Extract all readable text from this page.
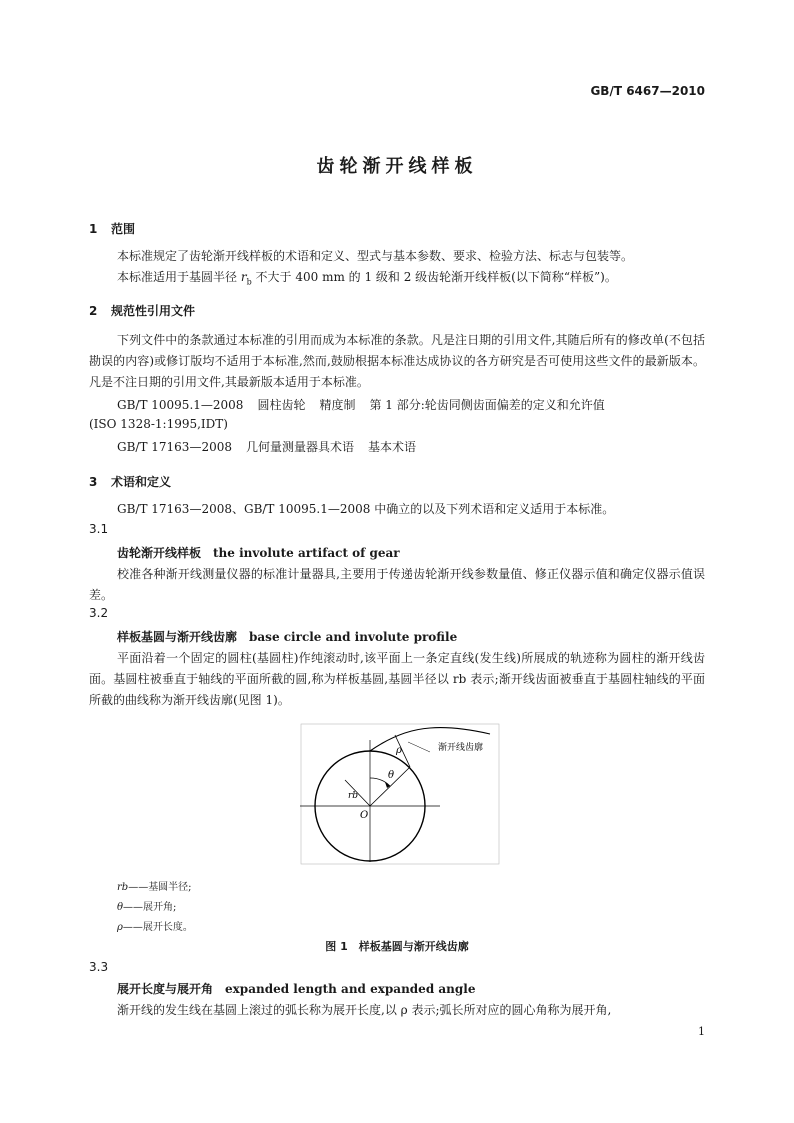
GB/T 6467—2010
齿轮渐开线样板
1 范围
本标准规定了齿轮渐开线样板的术语和定义、型式与基本参数、要求、检验方法、标志与包装等。
本标准适用于基圆半径 $r_b$ 不大于 400 mm 的 1 级和 2 级齿轮渐开线样板(以下简称“样板”)。
2 规范性引用文件
下列文件中的条款通过本标准的引用而成为本标准的条款。凡是注日期的引用文件,其随后所有的修改单(不包括勘误的内容)或修订版均不适用于本标准,然而,鼓励根据本标准达成协议的各方研究是否可使用这些文件的最新版本。凡是不注日期的引用文件,其最新版本适用于本标准。
GB/T 10095.1—2008 圆柱齿轮 精度制 第 1 部分:轮齿同侧齿面偏差的定义和允许值
(ISO 1328-1:1995,IDT)
GB/T 17163—2008 几何量测量器具术语 基本术语
3 术语和定义
GB/T 17163—2008、GB/T 10095.1—2008 中确立的以及下列术语和定义适用于本标准。
3.1
齿轮渐开线样板 the involute artifact of gear
校准各种渐开线测量仪器的标准计量器具,主要用于传递齿轮渐开线参数量值、修正仪器示值和确定仪器示值误差。
3.2
样板基圆与渐开线齿廓 base circle and involute profile
平面沿着一个固定的圆柱(基圆柱)作纯滚动时,该平面上一条定直线(发生线)所展成的轨迹称为圆柱的渐开线齿面。基圆柱被垂直于轴线的平面所截的圆,称为样板基圆,基圆半径以 rb 表示;渐开线齿面被垂直于基圆柱轴线的平面所截的曲线称为渐开线齿廓(见图 1)。
渐开线齿廓
ρ
θ
rb
O
rb——基圆半径;
θ——展开角;
ρ——展开长度。
图 1　样板基圆与渐开线齿廓
3.3
展开长度与展开角 expanded length and expanded angle
渐开线的发生线在基圆上滚过的弧长称为展开长度,以 ρ 表示;弧长所对应的圆心角称为展开角,
1
